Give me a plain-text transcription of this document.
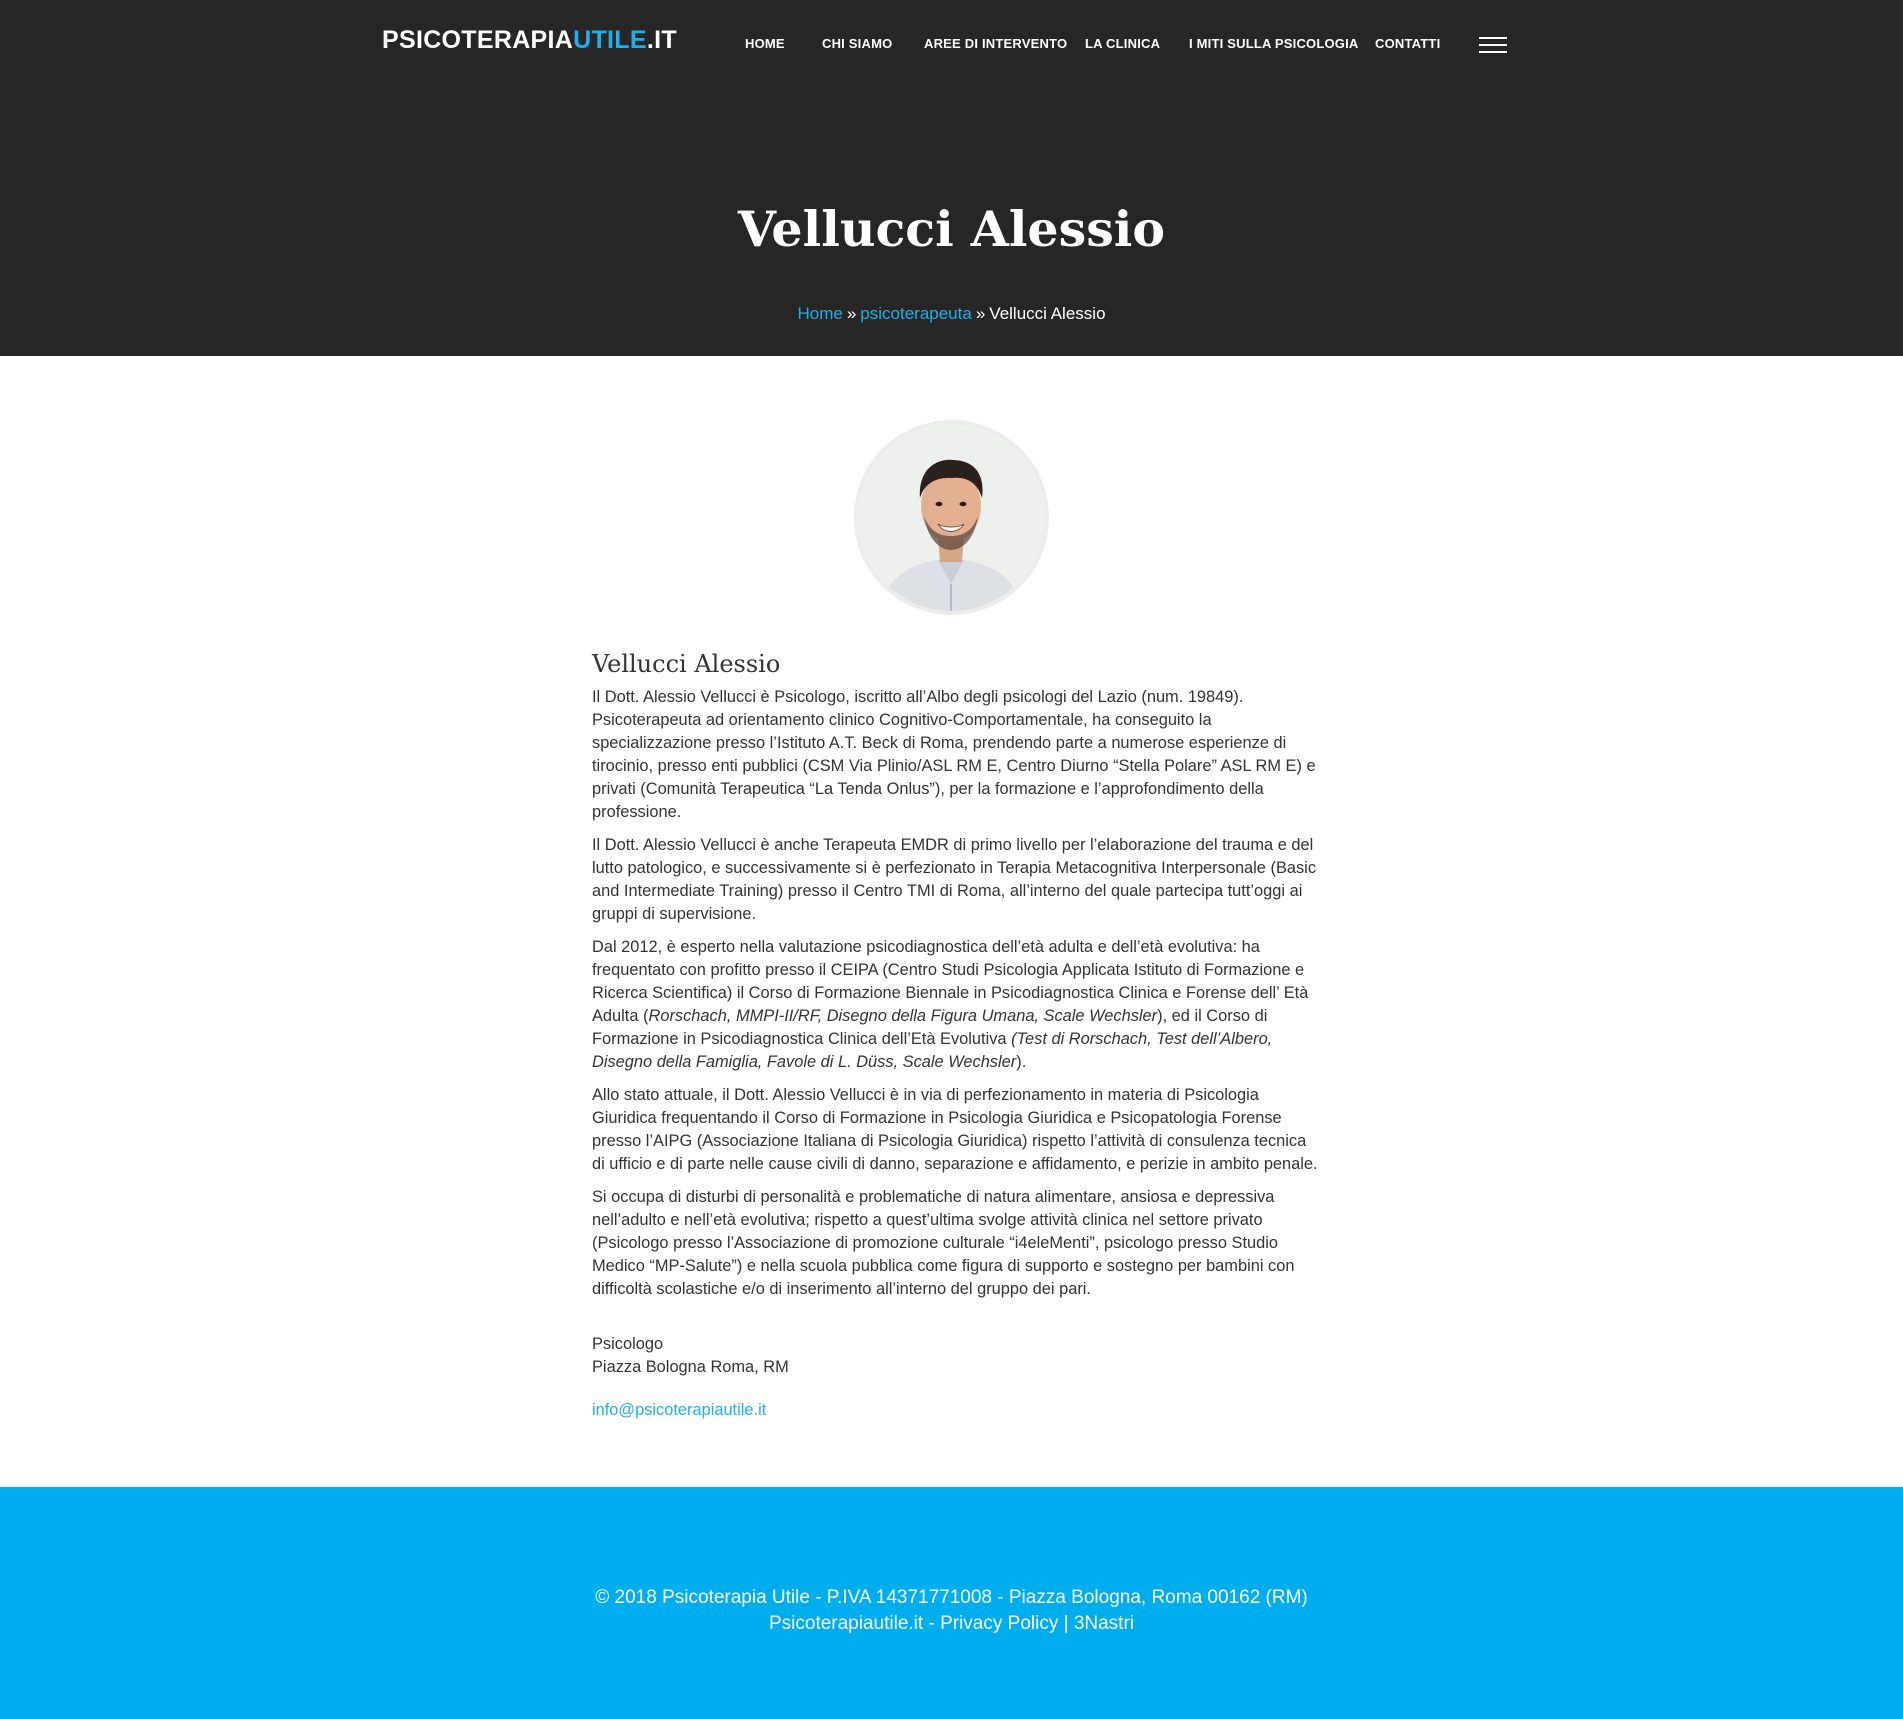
PSICOTERAPIAUTILE.IT	HOME	CHI SIAMO AREE DI INTERVENTO LA CLINICA I MITI SULLA PSICOLOGIA CONTATTI
Vellucci Alessio
Home » psicoterapeuta » Vellucci Alessio
Vellucci Alessio

Il Dott. Alessio Vellucci è Psicologo, iscritto all’Albo degli psicologi del Lazio (num. 19849). Psicoterapeuta ad orientamento clinico Cognitivo-Comportamentale, ha conseguito la specializzazione presso l’Istituto A.T. Beck di Roma, prendendo parte a numerose esperienze di tirocinio, presso enti pubblici (CSM Via Plinio/ASL RM E, Centro Diurno “Stella Polare” ASL RM E) e privati (Comunità Terapeutica “La Tenda Onlus”), per la formazione e l’approfondimento della professione.

Il Dott. Alessio Vellucci è anche Terapeuta EMDR di primo livello per l’elaborazione del trauma e del lutto patologico, e successivamente si è perfezionato in Terapia Metacognitiva Interpersonale (Basic and Intermediate Training) presso il Centro TMI di Roma, all’interno del quale partecipa tutt’oggi ai gruppi di supervisione.

Dal 2012, è esperto nella valutazione psicodiagnostica dell’età adulta e dell’età evolutiva: ha frequentato con profitto presso il CEIPA (Centro Studi Psicologia Applicata Istituto di Formazione e Ricerca Scientifica) il Corso di Formazione Biennale in Psicodiagnostica Clinica e Forense dell’ Età Adulta (Rorschach, MMPI-II/RF, Disegno della Figura Umana, Scale Wechsler), ed il Corso di Formazione in Psicodiagnostica Clinica dell’Età Evolutiva (Test di Rorschach, Test dell’Albero, Disegno della Famiglia, Favole di L. Düss, Scale Wechsler).

Allo stato attuale, il Dott. Alessio Vellucci è in via di perfezionamento in materia di Psicologia Giuridica frequentando il Corso di Formazione in Psicologia Giuridica e Psicopatologia Forense presso l’AIPG (Associazione Italiana di Psicologia Giuridica) rispetto l’attività di consulenza tecnica di ufficio e di parte nelle cause civili di danno, separazione e affidamento, e perizie in ambito penale.

Si occupa di disturbi di personalità e problematiche di natura alimentare, ansiosa e depressiva nell’adulto e nell’età evolutiva; rispetto a quest’ultima svolge attività clinica nel settore privato (Psicologo presso l’Associazione di promozione culturale “i4eleMenti”, psicologo presso Studio Medico “MP-Salute”) e nella scuola pubblica come figura di supporto e sostegno per bambini con difficoltà scolastiche e/o di inserimento all’interno del gruppo dei pari.

Psicologo
Piazza Bologna Roma, RM
info@psicoterapiautile.it
© 2018 Psicoterapia Utile - P.IVA 14371771008 - Piazza Bologna, Roma 00162 (RM)
Psicoterapiautile.it - Privacy Policy | 3Nastri
